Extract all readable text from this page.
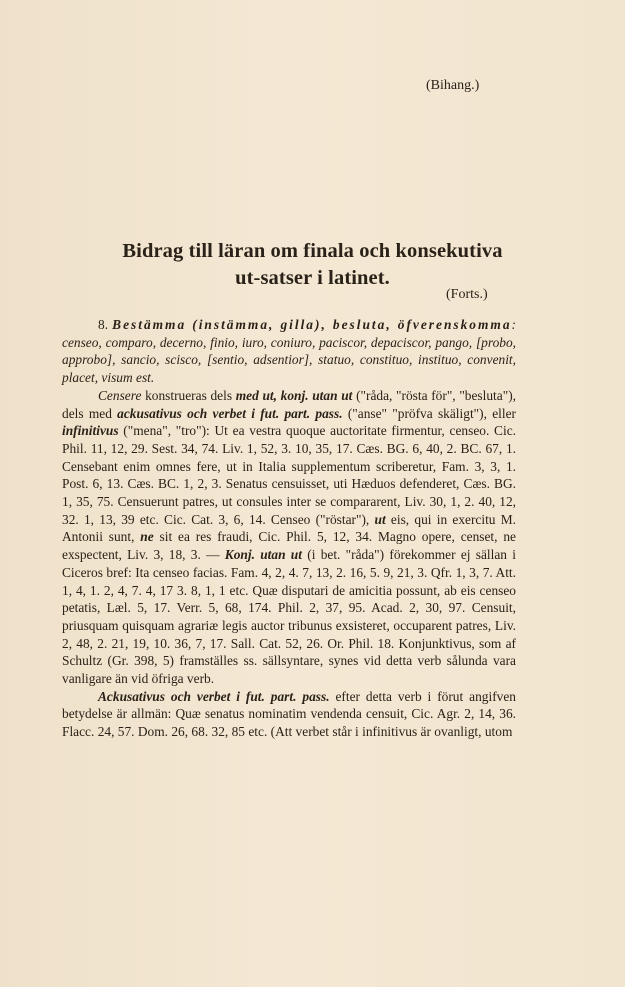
(Bihang.)
Bidrag till läran om finala och konsekutiva
ut-satser i latinet.
(Forts.)

8. Bestämma (instämma, gilla), besluta, öfverenskomma: censeo, comparo, decerno, finio, iuro, coniuro, paciscor, depaciscor, pango, [probo, approbo], sancio, scisco, [sentio, adsentior], statuo, constituo, instituo, convenit, placet, visum est.

Censere konstrueras dels med ut, konj. utan ut ("råda, "rösta för", "besluta"), dels med ackusativus och verbet i fut. part. pass. ("anse" "pröfva skäligt"), eller infinitivus ("mena", "tro"): Ut ea vestra quoque auctoritate firmentur, censeo. Cic. Phil. 11, 12, 29. Sest. 34, 74. Liv. 1, 52, 3. 10, 35, 17. Cæs. BG. 6, 40, 2. BC. 67, 1. Censebant enim omnes fere, ut in Italia supplementum scriberetur, Fam. 3, 3, 1. Post. 6, 13. Cæs. BC. 1, 2, 3. Senatus censuisset, uti Hæduos defenderet, Cæs. BG. 1, 35, 75. Censuerunt patres, ut consules inter se compararent, Liv. 30, 1, 2. 40, 12, 32. 1, 13, 39 etc. Cic. Cat. 3, 6, 14. Censeo ("röstar"), ut eis, qui in exercitu M. Antonii sunt, ne sit ea res fraudi, Cic. Phil. 5, 12, 34. Magno opere, censet, ne exspectent, Liv. 3, 18, 3. — Konj. utan ut (i bet. "råda") förekommer ej sällan i Ciceros bref: Ita censeo facias. Fam. 4, 2, 4. 7, 13, 2. 16, 5. 9, 21, 3. Qfr. 1, 3, 7. Att. 1, 4, 1. 2, 4, 7. 4, 17 3. 8, 1, 1 etc. Quæ disputari de amicitia possunt, ab eis censeo petatis, Læl. 5, 17. Verr. 5, 68, 174. Phil. 2, 37, 95. Acad. 2, 30, 97. Censuit, priusquam quisquam agrariæ legis auctor tribunus exsisteret, occuparent patres, Liv. 2, 48, 2. 21, 19, 10. 36, 7, 17. Sall. Cat. 52, 26. Or. Phil. 18. Konjunktivus, som af Schultz (Gr. 398, 5) framställes ss. sällsyntare, synes vid detta verb sålunda vara vanligare än vid öfriga verb.

Ackusativus och verbet i fut. part. pass. efter detta verb i förut angifven betydelse är allmän: Quæ senatus nominatim vendenda censuit, Cic. Agr. 2, 14, 36. Flacc. 24, 57. Dom. 26, 68. 32, 85 etc. (Att verbet står i infinitivus är ovanligt, utom
